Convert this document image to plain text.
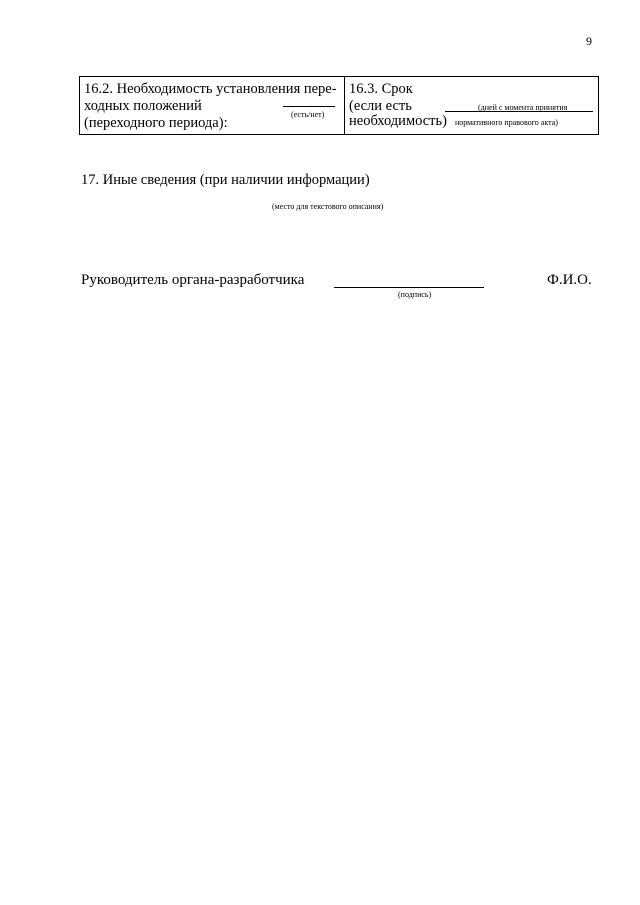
9
16.2. Необходимость установления пере-
ходных положений
(переходного периода):
(есть/нет)
16.3. Срок
(если есть
необходимость)
(дней с момента принятия
нормативного правового акта)
17. Иные сведения (при наличии информации)
(место для текстового описания)
Руководитель органа-разработчика
(подпись)
Ф.И.О.
